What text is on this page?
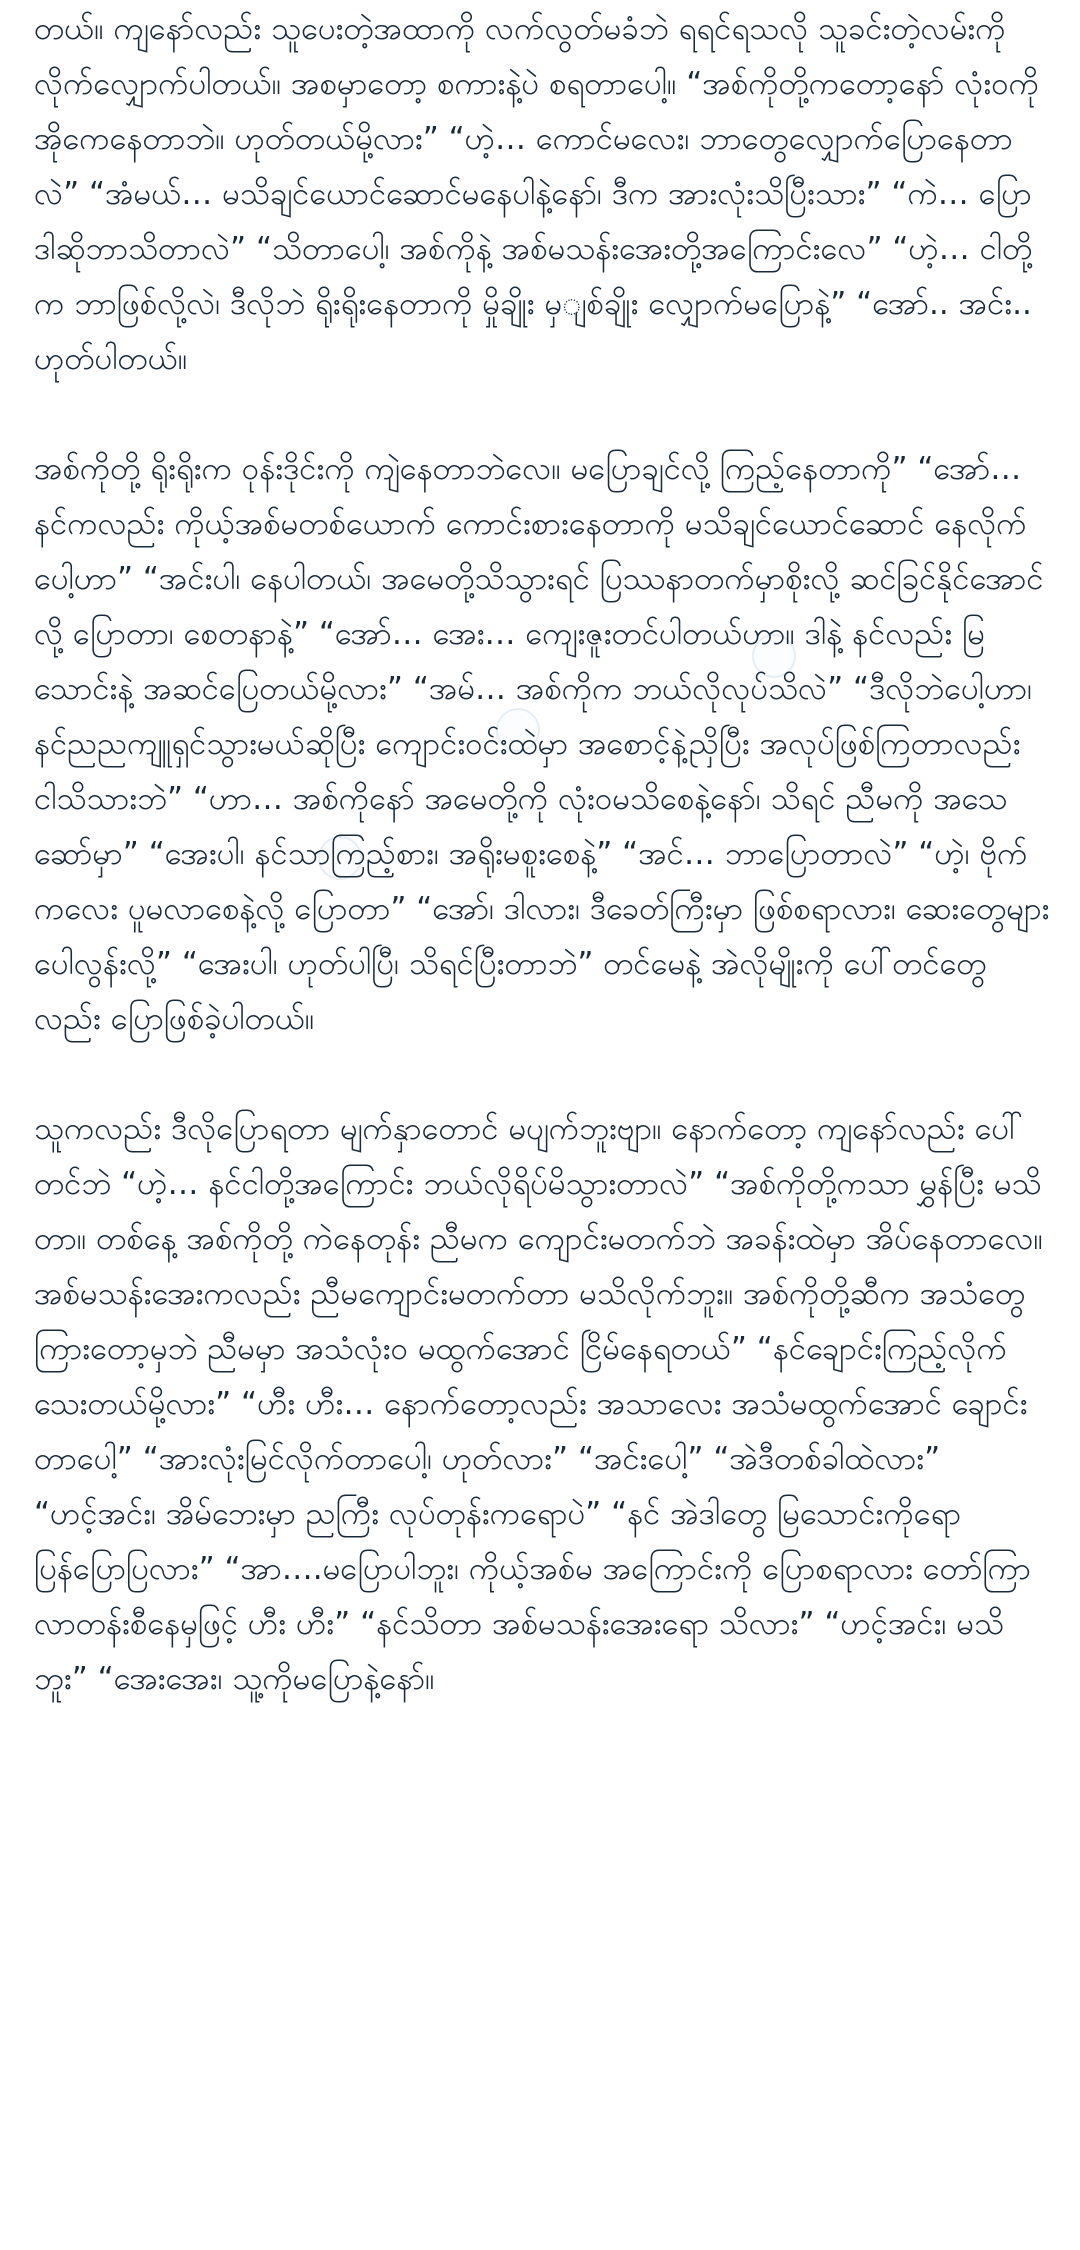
တယ်။ ကျနော်လည်း သူပေးတဲ့အထာကို လက်လွတ်မခံဘဲ ရရင်ရသလို သူခင်းတဲ့လမ်းကို လိုက်လျှောက်ပါတယ်။ အစမှာတော့ စကားနဲ့ပဲ စရတာပေါ့။ “အစ်ကိုတို့ကတော့နော် လုံးဝကို အိုကေနေတာဘဲ။ ဟုတ်တယ်မို့လား” “ဟဲ့… ကောင်မလေး၊ ဘာတွေလျှောက်ပြောနေတာလဲ” “အံမယ်… မသိချင်ယောင်ဆောင်မနေပါနဲ့နော်၊ ဒီက အားလုံးသိပြီးသား” “ကဲ… ပြော ဒါဆိုဘာသိတာလဲ” “သိတာပေါ့၊ အစ်ကိုနဲ့ အစ်မသန်းအေးတို့အကြောင်းလေ” “ဟဲ့… ငါတို့က ဘာဖြစ်လို့လဲ၊ ဒီလိုဘဲ ရိုးရိုးနေတာကို မှိုချိုး မှျစ်ချိုး လျှောက်မပြောနဲ့” “အော်.. အင်း.. ဟုတ်ပါတယ်။

အစ်ကိုတို့ ရိုးရိုးက ဝုန်းဒိုင်းကို ကျဲနေတာဘဲလေ။ မပြောချင်လို့ ကြည့်နေတာကို” “အော်… နင်ကလည်း ကိုယ့်အစ်မတစ်ယောက် ကောင်းစားနေတာကို မသိချင်ယောင်ဆောင် နေလိုက်ပေါ့ဟာ” “အင်းပါ၊ နေပါတယ်၊ အမေတို့သိသွားရင် ပြဿနာတက်မှာစိုးလို့ ဆင်ခြင်နိုင်အောင်လို့ ပြောတာ၊ စေတနာနဲ့” “အော်… အေး… ကျေးဇူးတင်ပါတယ်ဟာ။ ဒါနဲ့ နင်လည်း မြသောင်းနဲ့ အဆင်ပြေတယ်မို့လား” “အမ်… အစ်ကိုက ဘယ်လိုလုပ်သိလဲ” “ဒီလိုဘဲပေါ့ဟာ၊ နင်ညညကျူရှင်သွားမယ်ဆိုပြီး ကျောင်းဝင်းထဲမှာ အစောင့်နဲ့ညှိပြီး အလုပ်ဖြစ်ကြတာလည်း ငါသိသားဘဲ” “ဟာ… အစ်ကိုနော် အမေတို့ကို လုံးဝမသိစေနဲ့နော်၊ သိရင် ညီမကို အသေဆော်မှာ” “အေးပါ၊ နင်သာကြည့်စား၊ အရိုးမစူးစေနဲ့” “အင်… ဘာပြောတာလဲ” “ဟဲ့၊ ဗိုက်ကလေး ပူမလာစေနဲ့လို့ ပြောတာ” “အော်၊ ဒါလား၊ ဒီခေတ်ကြီးမှာ ဖြစ်စရာလား၊ ဆေးတွေများ ပေါလွန်းလို့” “အေးပါ၊ ဟုတ်ပါပြီ၊ သိရင်ပြီးတာဘဲ” တင်မေနဲ့ အဲလိုမျိုးကို ပေါ်တင်တွေလည်း ပြောဖြစ်ခဲ့ပါတယ်။

သူကလည်း ဒီလိုပြောရတာ မျက်နှာတောင် မပျက်ဘူးဗျာ။ နောက်တော့ ကျနော်လည်း ပေါ်တင်ဘဲ “ဟဲ့… နင်ငါတို့အကြောင်း ဘယ်လိုရိပ်မိသွားတာလဲ” “အစ်ကိုတို့ကသာ မွှန်ပြီး မသိတာ။ တစ်နေ့ အစ်ကိုတို့ ကဲနေတုန်း ညီမက ကျောင်းမတက်ဘဲ အခန်းထဲမှာ အိပ်နေတာလေ။ အစ်မသန်းအေးကလည်း ညီမကျောင်းမတက်တာ မသိလိုက်ဘူး။ အစ်ကိုတို့ဆီက အသံတွေကြားတော့မှဘဲ ညီမမှာ အသံလုံးဝ မထွက်အောင် ငြိမ်နေရတယ်” “နင်ချောင်းကြည့်လိုက်သေးတယ်မို့လား” “ဟီး ဟီး… နောက်တော့လည်း အသာလေး အသံမထွက်အောင် ချောင်းတာပေါ့” “အားလုံးမြင်လိုက်တာပေါ့၊ ဟုတ်လား” “အင်းပေါ့” “အဲဒီတစ်ခါထဲလား” “ဟင့်အင်း၊ အိမ်ဘေးမှာ ညကြီး လုပ်တုန်းကရောပဲ” “နင် အဲဒါတွေ မြသောင်းကိုရော ပြန်ပြောပြလား” “အာ….မပြောပါဘူး၊ ကိုယ့်အစ်မ အကြောင်းကို ပြောစရာလား တော်ကြာ လာတန်းစီနေမှဖြင့် ဟီး ဟီး” “နင်သိတာ အစ်မသန်းအေးရော သိလား” “ဟင့်အင်း၊ မသိဘူး” “အေးအေး၊ သူ့ကိုမပြောနဲ့နော်။
